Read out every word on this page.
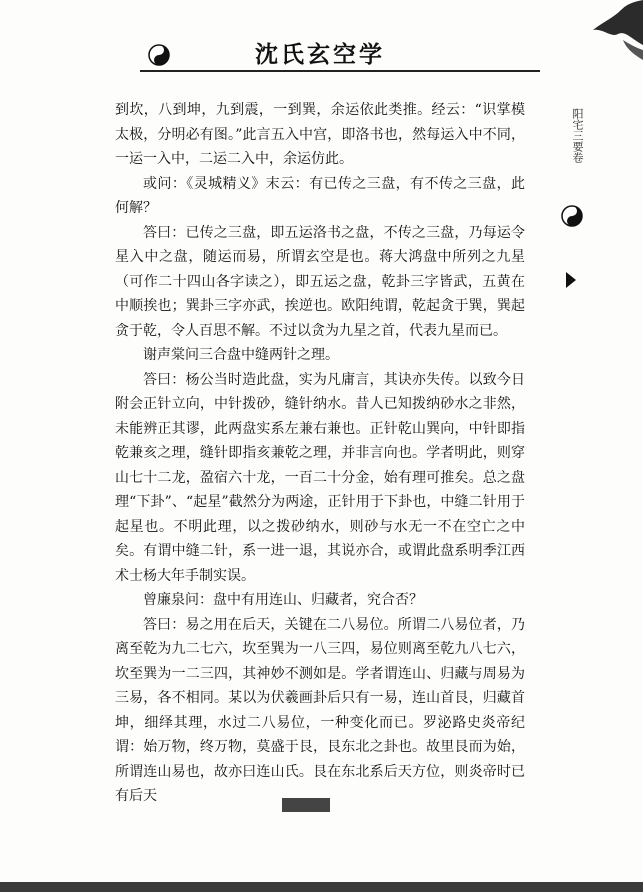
沈氏玄空学
阳宅三要卷

到坎，八到坤，九到震，一到巽，余运依此类推。经云：“识掌模太极，分明必有图。”此言五入中宫，即洛书也，然每运入中不同，一运一入中，二运二入中，余运仿此。

或问：《灵城精义》末云：有已传之三盘，有不传之三盘，此何解？

答曰：已传之三盘，即五运洛书之盘，不传之三盘，乃每运令星入中之盘，随运而易，所谓玄空是也。蒋大鸿盘中所列之九星（可作二十四山各字读之），即五运之盘，乾卦三字皆武，五黄在中顺挨也；巽卦三字亦武，挨逆也。欧阳纯谓，乾起贪于巽，巽起贪于乾，令人百思不解。不过以贪为九星之首，代表九星而已。

谢声棠问三合盘中缝两针之理。

答曰：杨公当时造此盘，实为凡庸言，其诀亦失传。以致今日附会正针立向，中针拨砂，缝针纳水。昔人已知拨纳砂水之非然，未能辨正其谬，此两盘实系左兼右兼也。正针乾山巽向，中针即指乾兼亥之理，缝针即指亥兼乾之理，并非言向也。学者明此，则穿山七十二龙，盈宿六十龙，一百二十分金，始有理可推矣。总之盘理“下卦”、“起星”截然分为两途，正针用于下卦也，中缝二针用于起星也。不明此理，以之拨砂纳水，则砂与水无一不在空亡之中矣。有谓中缝二针，系一进一退，其说亦合，或谓此盘系明季江西术士杨大年手制实误。

曾廉泉问：盘中有用连山、归藏者，究合否？

答曰：易之用在后天，关键在二八易位。所谓二八易位者，乃离至乾为九二七六，坎至巽为一八三四，易位则离至乾九八七六，坎至巽为一二三四，其神妙不测如是。学者谓连山、归藏与周易为三易，各不相同。某以为伏羲画卦后只有一易，连山首艮，归藏首坤，细绎其理，水过二八易位，一种变化而已。罗泌路史炎帝纪谓：始万物，终万物，莫盛于艮，艮东北之卦也。故里艮而为始，所谓连山易也，故亦曰连山氏。艮在东北系后天方位，则炎帝时已有后天
